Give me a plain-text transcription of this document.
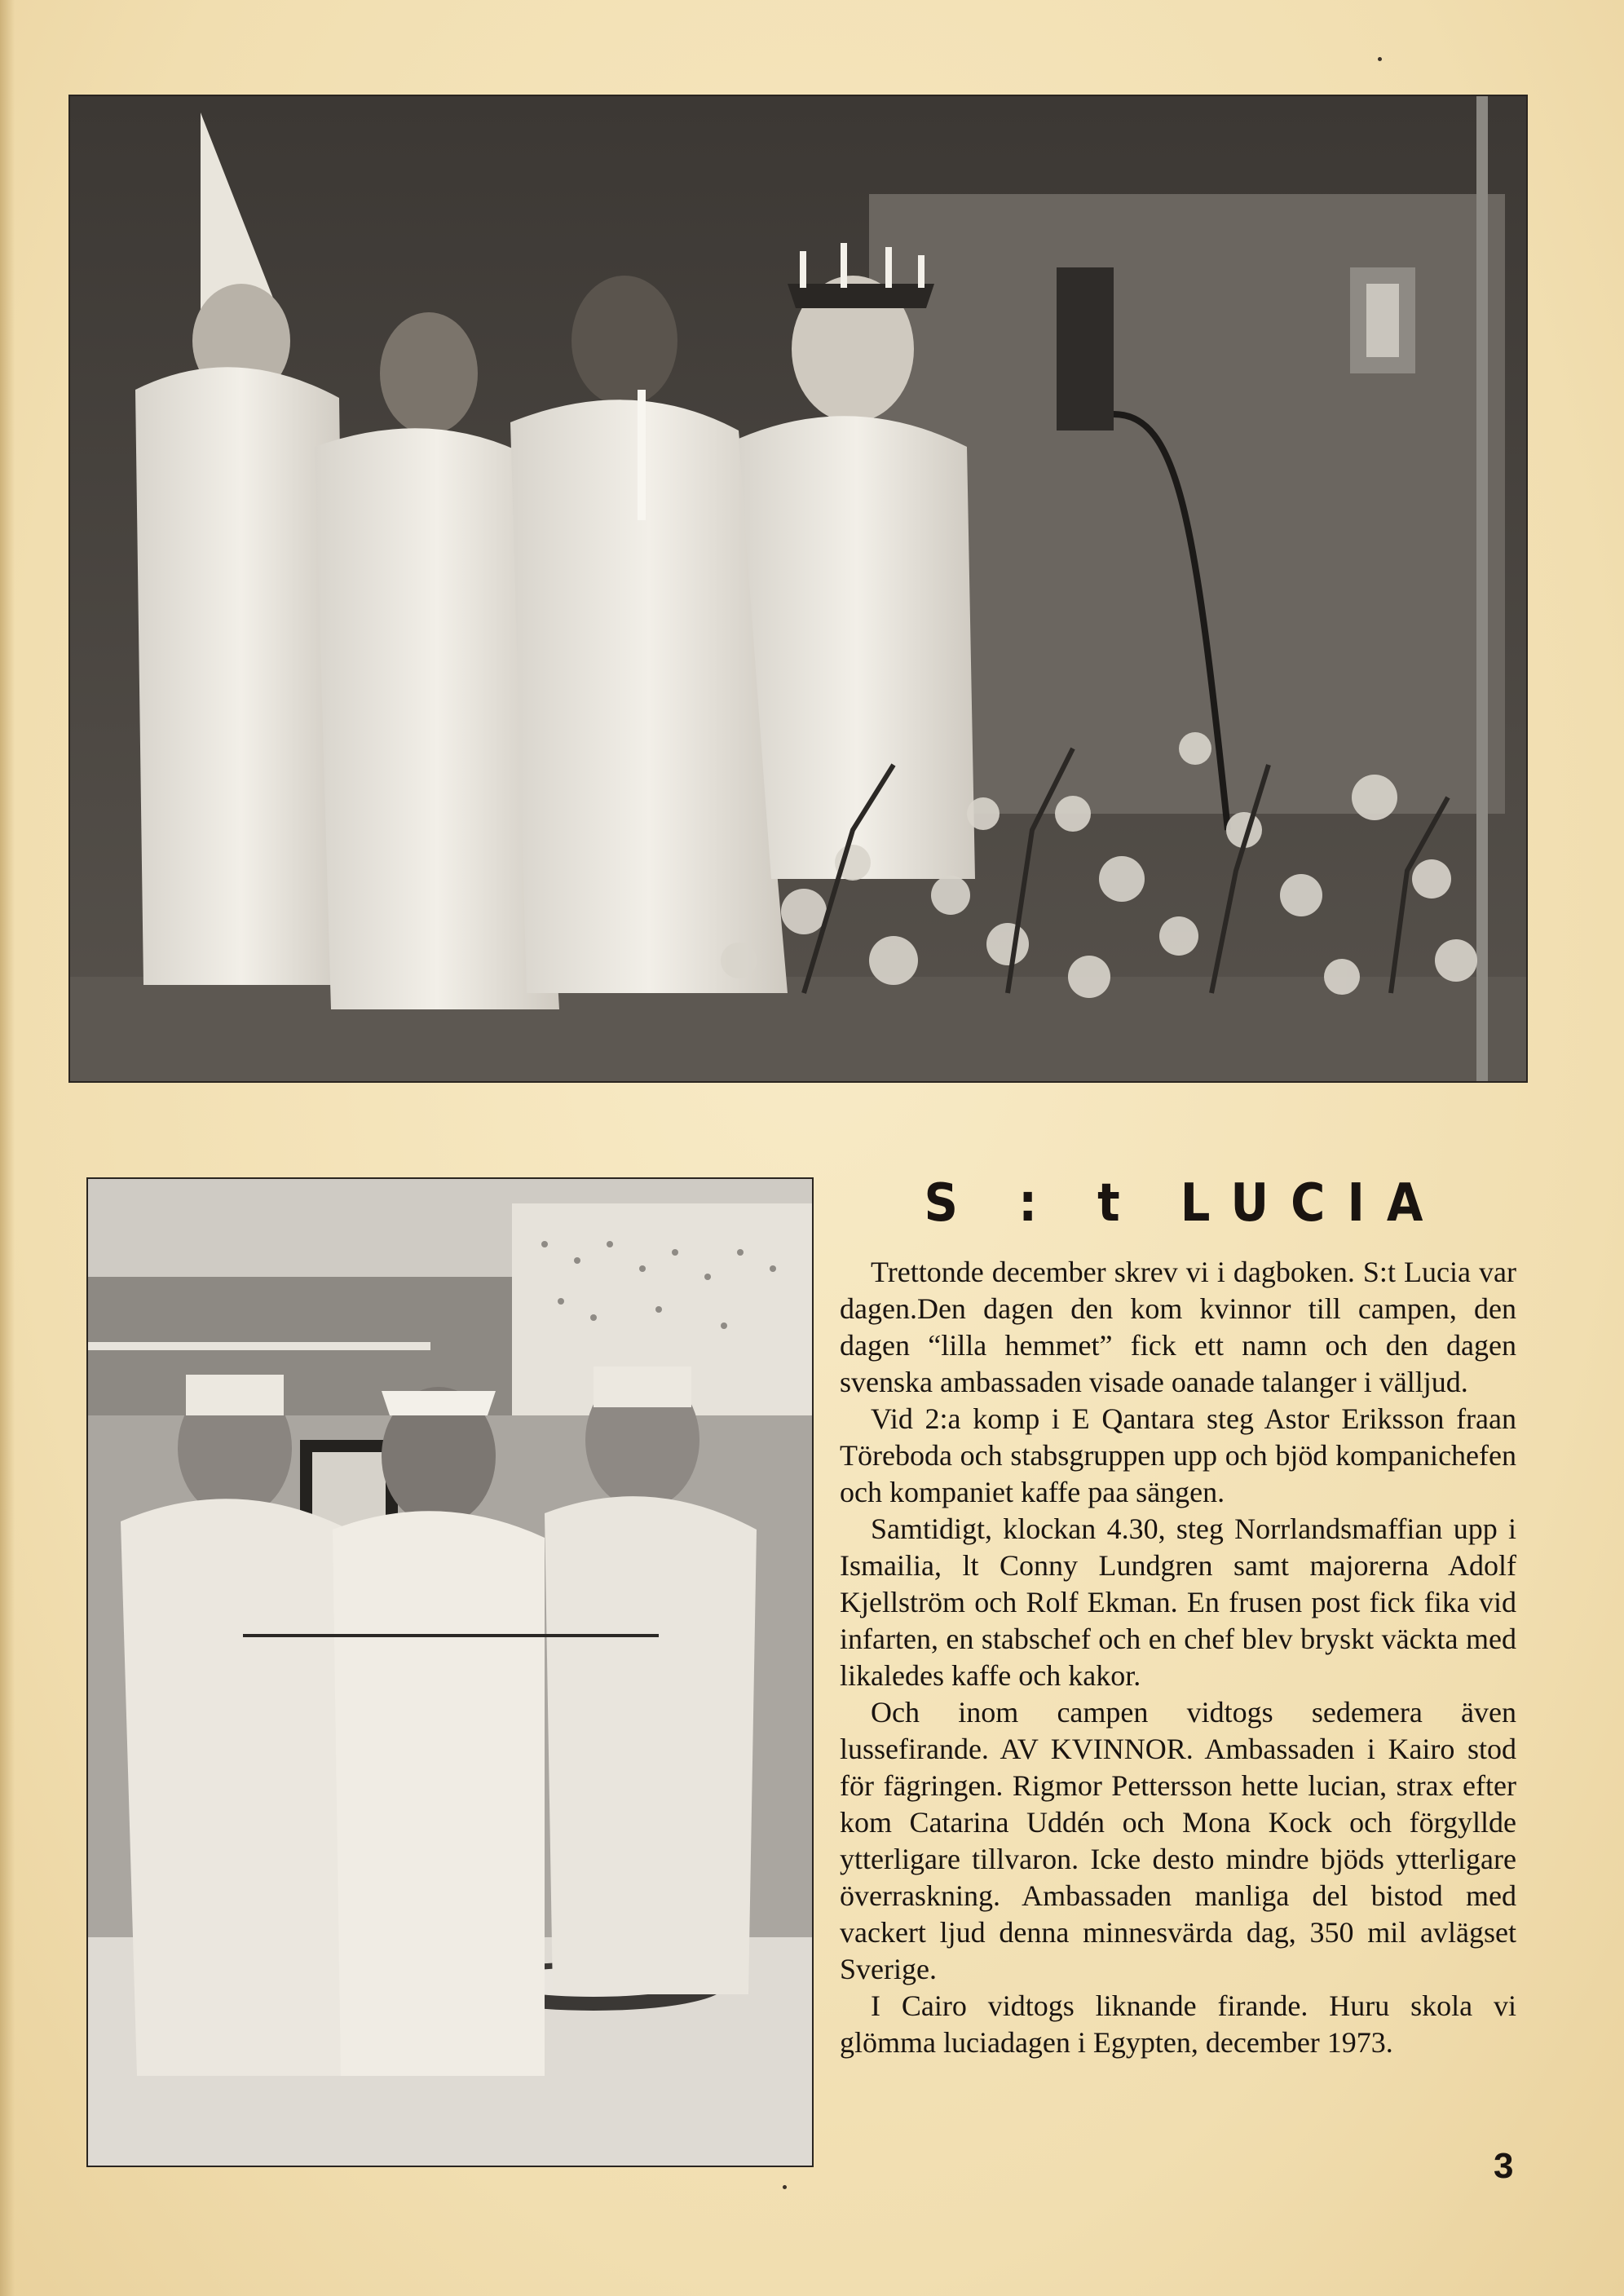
S : t LUCIA

Trettonde december skrev vi i dagboken. S:t Lucia var dagen.Den dagen den kom kvinnor till campen, den dagen “lilla hemmet” fick ett namn och den dagen svenska ambassaden visade oanade talanger i välljud.

Vid 2:a komp i E Qantara steg Astor Eriksson fraan Töreboda och stabsgruppen upp och bjöd kompanichefen och kompaniet kaffe paa sängen.

Samtidigt, klockan 4.30, steg Norrlandsmaffian upp i Ismailia, lt Conny Lundgren samt majorerna Adolf Kjellström och Rolf Ekman. En frusen post fick fika vid infarten, en stabschef och en chef blev bryskt väckta med likaledes kaffe och kakor.

Och inom campen vidtogs sedemera även lussefirande. AV KVINNOR. Ambassaden i Kairo stod för fägringen. Rigmor Pettersson hette lucian, strax efter kom Catarina Uddén och Mona Kock och förgyllde ytterligare tillvaron. Icke desto mindre bjöds ytterligare överraskning. Ambassaden manliga del bistod med vackert ljud denna minnesvärda dag, 350 mil avlägset Sverige.

I Cairo vidtogs liknande firande. Huru skola vi glömma luciadagen i Egypten, december 1973.

3
